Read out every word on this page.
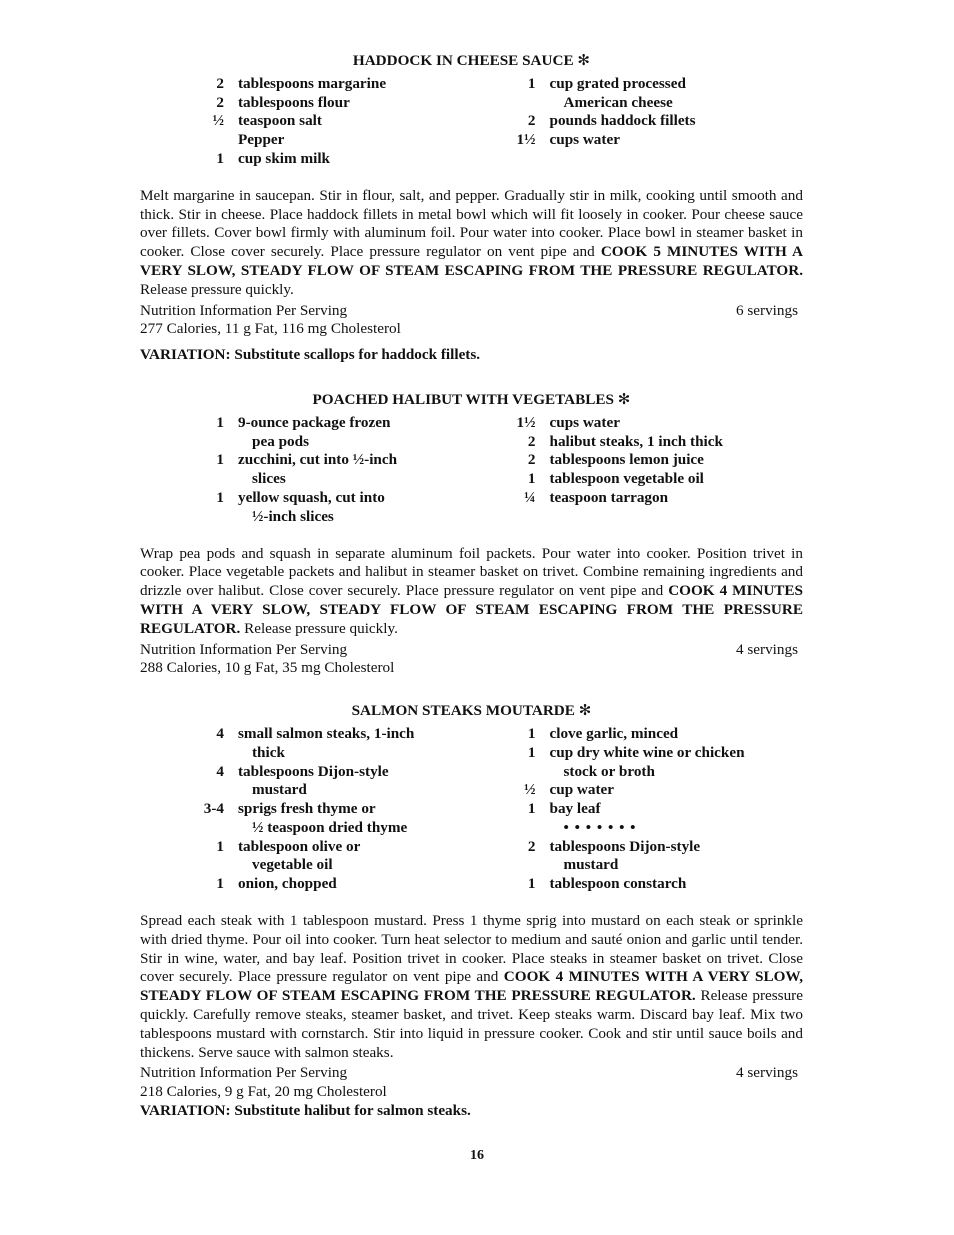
HADDOCK IN CHEESE SAUCE ✻
2 tablespoons margarine
2 tablespoons flour
½ teaspoon salt
Pepper
1 cup skim milk
1 cup grated processed
American cheese
2 pounds haddock fillets
1½ cups water

Melt margarine in saucepan. Stir in flour, salt, and pepper. Gradually stir in milk, cooking until smooth and thick. Stir in cheese. Place haddock fillets in metal bowl which will fit loosely in cooker. Pour cheese sauce over fillets. Cover bowl firmly with aluminum foil. Pour water into cooker. Place bowl in steamer basket in cooker. Close cover securely. Place pressure regulator on vent pipe and COOK 5 MINUTES WITH A VERY SLOW, STEADY FLOW OF STEAM ESCAPING FROM THE PRESSURE REGULATOR. Release pressure quickly.

Nutrition Information Per Serving	6 servings
277 Calories, 11 g Fat, 116 mg Cholesterol

VARIATION: Substitute scallops for haddock fillets.

POACHED HALIBUT WITH VEGETABLES ✻
1 9-ounce package frozen
pea pods
1 zucchini, cut into ½-inch
slices
1 yellow squash, cut into
½-inch slices
1½ cups water
2 halibut steaks, 1 inch thick
2 tablespoons lemon juice
1 tablespoon vegetable oil
¼ teaspoon tarragon

Wrap pea pods and squash in separate aluminum foil packets. Pour water into cooker. Position trivet in cooker. Place vegetable packets and halibut in steamer basket on trivet. Combine remaining ingredients and drizzle over halibut. Close cover securely. Place pressure regulator on vent pipe and COOK 4 MINUTES WITH A VERY SLOW, STEADY FLOW OF STEAM ESCAPING FROM THE PRESSURE REGULATOR. Release pressure quickly.

Nutrition Information Per Serving	4 servings
288 Calories, 10 g Fat, 35 mg Cholesterol
SALMON STEAKS MOUTARDE ✻
4 small salmon steaks, 1-inch
thick
4 tablespoons Dijon-style
mustard
3-4 sprigs fresh thyme or
½ teaspoon dried thyme
1 tablespoon olive or
vegetable oil
1 onion, chopped
1 clove garlic, minced
1 cup dry white wine or chicken
stock or broth
½ cup water
1 bay leaf
• • • • • • •
2 tablespoons Dijon-style
mustard
1 tablespoon constarch

Spread each steak with 1 tablespoon mustard. Press 1 thyme sprig into mustard on each steak or sprinkle with dried thyme. Pour oil into cooker. Turn heat selector to medium and sauté onion and garlic until tender. Stir in wine, water, and bay leaf. Position trivet in cooker. Place steaks in steamer basket on trivet. Close cover securely. Place pressure regulator on vent pipe and COOK 4 MINUTES WITH A VERY SLOW, STEADY FLOW OF STEAM ESCAPING FROM THE PRESSURE REGULATOR. Release pressure quickly. Carefully remove steaks, steamer basket, and trivet. Keep steaks warm. Discard bay leaf. Mix two tablespoons mustard with cornstarch. Stir into liquid in pressure cooker. Cook and stir until sauce boils and thickens. Serve sauce with salmon steaks.

Nutrition Information Per Serving	4 servings
218 Calories, 9 g Fat, 20 mg Cholesterol

VARIATION: Substitute halibut for salmon steaks.

16
